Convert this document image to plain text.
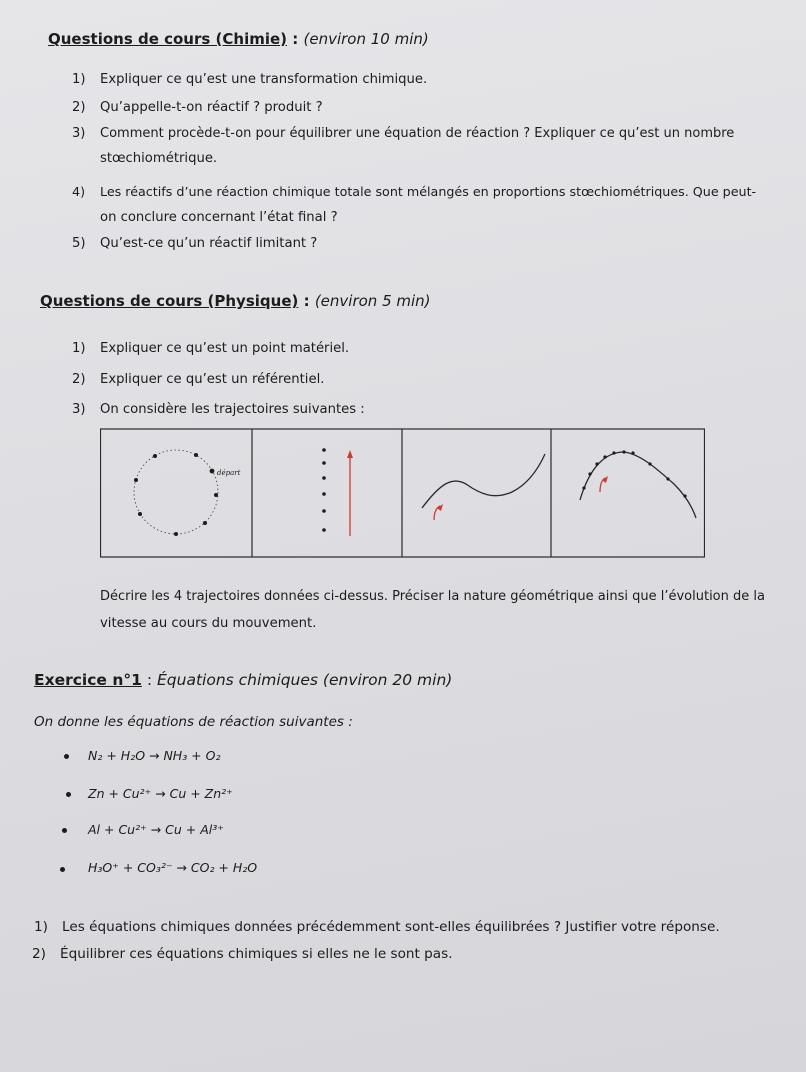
Questions de cours (Chimie) : (environ 10 min)
1) Expliquer ce qu’est une transformation chimique.
2) Qu’appelle-t-on réactif ? produit ?
3) Comment procède-t-on pour équilibrer une équation de réaction ? Expliquer ce qu’est un nombre
stœchiométrique.
4) Les réactifs d’une réaction chimique totale sont mélangés en proportions stœchiométriques. Que peut-
on conclure concernant l’état final ?
5) Qu’est-ce qu’un réactif limitant ?
Questions de cours (Physique) : (environ 5 min)
1) Expliquer ce qu’est un point matériel.
2) Expliquer ce qu’est un référentiel.
3) On considère les trajectoires suivantes :
départ
Décrire les 4 trajectoires données ci-dessus. Préciser la nature géométrique ainsi que l’évolution de la
vitesse au cours du mouvement.
Exercice n°1 : Équations chimiques (environ 20 min)
On donne les équations de réaction suivantes :
N₂ + H₂O → NH₃ + O₂
Zn + Cu²⁺ → Cu + Zn²⁺
Al + Cu²⁺ → Cu + Al³⁺
H₃O⁺ + CO₃²⁻ → CO₂ + H₂O
1) Les équations chimiques données précédemment sont-elles équilibrées ? Justifier votre réponse.
2) Équilibrer ces équations chimiques si elles ne le sont pas.
